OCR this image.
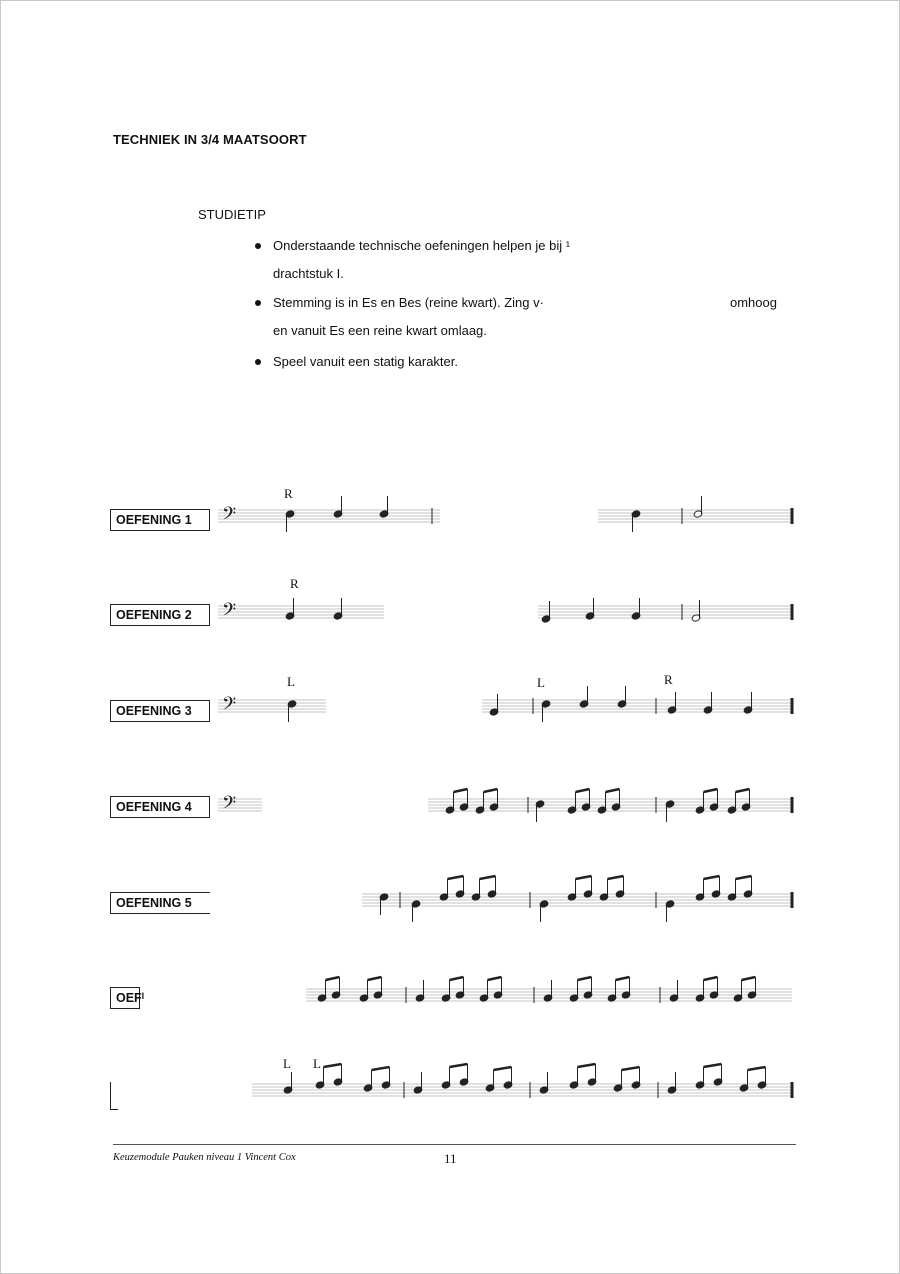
TECHNIEK IN 3/4 MAATSOORT
STUDIETIP
Onderstaande technische oefeningen helpen je bij ¹
drachtstuk I.
Stemming is in Es en Bes (reine kwart). Zing v·	omhoog
en vanuit Es een reine kwart omlaag.
Speel vanuit een statig karakter.
OEFENING 1
OEFENING 2
OEFENING 3
OEFENING 4
OEFENING 5
OEFᴵ
R
R
L	L	R
L L
𝄢
𝄢
𝄢
𝄢
Keuzemodule Pauken niveau 1 Vincent Cox	11
